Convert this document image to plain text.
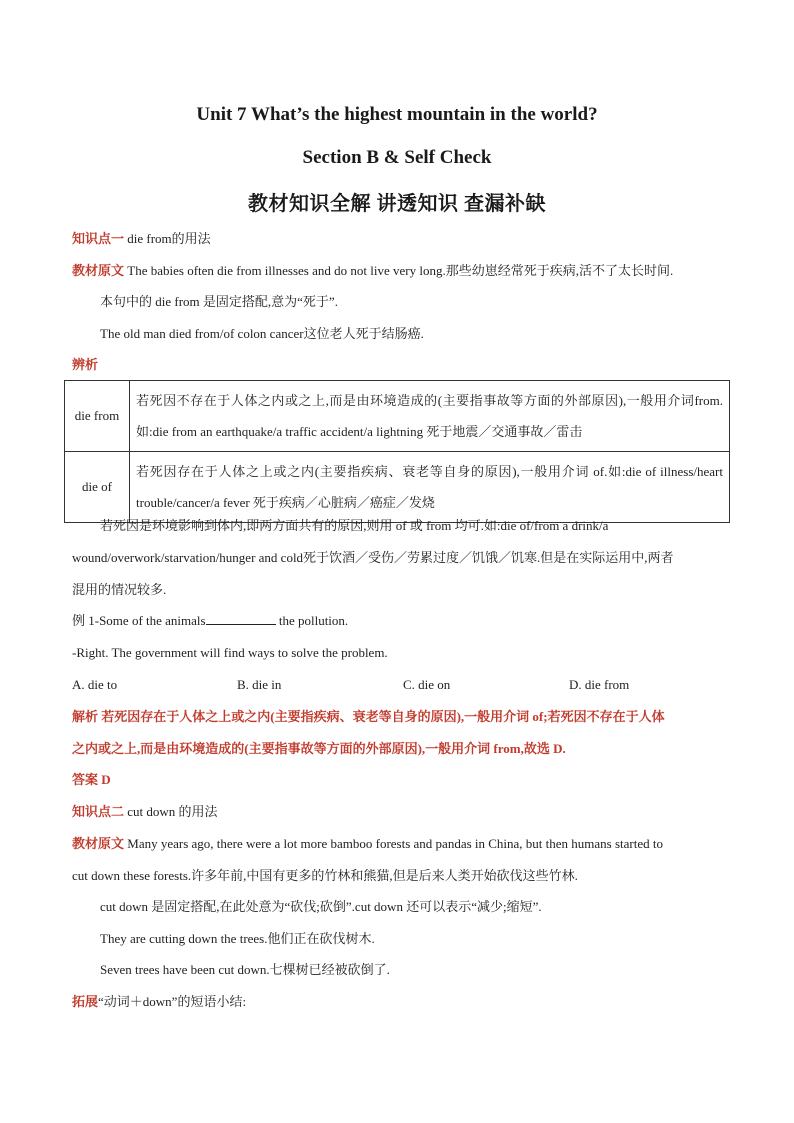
Unit 7 What’s the highest mountain in the world?
Section B & Self Check
教材知识全解 讲透知识 查漏补缺
知识点一 die from的用法
教材原文 The babies often die from illnesses and do not live very long.那些幼崽经常死于疾病,活不了太长时间.
本句中的 die from 是固定搭配,意为“死于”.
The old man died from/of colon cancer这位老人死于结肠癌.
辨析
die from	若死因不存在于人体之内或之上,而是由环境造成的(主要指事故等方面的外部原因),一般用介词from.如:die from an earthquake/a traffic accident/a lightning 死于地震／交通事故／雷击
die of	若死因存在于人体之上或之内(主要指疾病、衰老等自身的原因),一般用介词 of.如:die of illness/heart trouble/cancer/a fever 死于疾病／心脏病／癌症／发烧
若死因是环境影响到体内,即两方面共有的原因,则用 of 或 from 均可.如:die of/from a drink/a
wound/overwork/starvation/hunger and cold死于饮酒／受伤／劳累过度／饥饿／饥寒.但是在实际运用中,两者
混用的情况较多.
例 1-Some of the animals	the pollution.
-Right. The government will find ways to solve the problem.
A. die to	B. die in	C. die on	D. die from
解析 若死因存在于人体之上或之内(主要指疾病、衰老等自身的原因),一般用介词 of;若死因不存在于人体
之内或之上,而是由环境造成的(主要指事故等方面的外部原因),一般用介词 from,故选 D.
答案 D
知识点二 cut down 的用法
教材原文 Many years ago, there were a lot more bamboo forests and pandas in China, but then humans started to
cut down these forests.许多年前,中国有更多的竹林和熊猫,但是后来人类开始砍伐这些竹林.
cut down 是固定搭配,在此处意为“砍伐;砍倒”.cut down 还可以表示“减少;缩短”.
They are cutting down the trees.他们正在砍伐树木.
Seven trees have been cut down.七棵树已经被砍倒了.
拓展“动词＋down”的短语小结:
